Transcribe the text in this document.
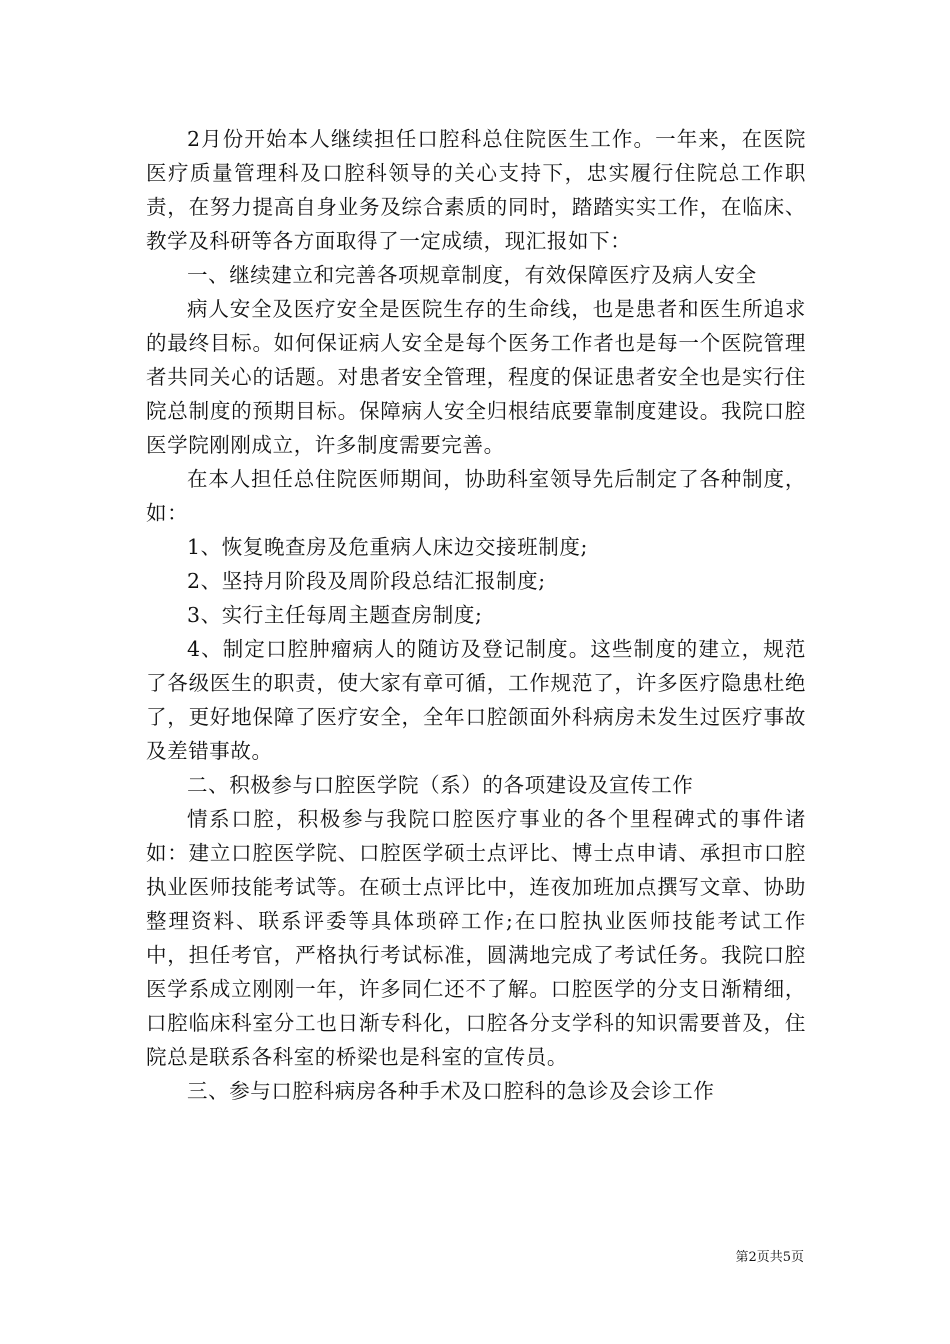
2月份开始本人继续担任口腔科总住院医生工作。一年来，在医院医疗质量管理科及口腔科领导的关心支持下，忠实履行住院总工作职责，在努力提高自身业务及综合素质的同时，踏踏实实工作，在临床、教学及科研等各方面取得了一定成绩，现汇报如下：

一、继续建立和完善各项规章制度，有效保障医疗及病人安全

病人安全及医疗安全是医院生存的生命线，也是患者和医生所追求的最终目标。如何保证病人安全是每个医务工作者也是每一个医院管理者共同关心的话题。对患者安全管理，程度的保证患者安全也是实行住院总制度的预期目标。保障病人安全归根结底要靠制度建设。我院口腔医学院刚刚成立，许多制度需要完善。

在本人担任总住院医师期间，协助科室领导先后制定了各种制度，如：

1、恢复晚查房及危重病人床边交接班制度;

2、坚持月阶段及周阶段总结汇报制度;

3、实行主任每周主题查房制度;

4、制定口腔肿瘤病人的随访及登记制度。这些制度的建立，规范了各级医生的职责，使大家有章可循，工作规范了，许多医疗隐患杜绝了，更好地保障了医疗安全，全年口腔颌面外科病房未发生过医疗事故及差错事故。

二、积极参与口腔医学院（系）的各项建设及宣传工作

情系口腔，积极参与我院口腔医疗事业的各个里程碑式的事件诸如：建立口腔医学院、口腔医学硕士点评比、博士点申请、承担市口腔执业医师技能考试等。在硕士点评比中，连夜加班加点撰写文章、协助整理资料、联系评委等具体琐碎工作;在口腔执业医师技能考试工作中，担任考官，严格执行考试标准，圆满地完成了考试任务。我院口腔医学系成立刚刚一年，许多同仁还不了解。口腔医学的分支日渐精细，口腔临床科室分工也日渐专科化，口腔各分支学科的知识需要普及，住院总是联系各科室的桥梁也是科室的宣传员。

三、参与口腔科病房各种手术及口腔科的急诊及会诊工作

第2页共5页
